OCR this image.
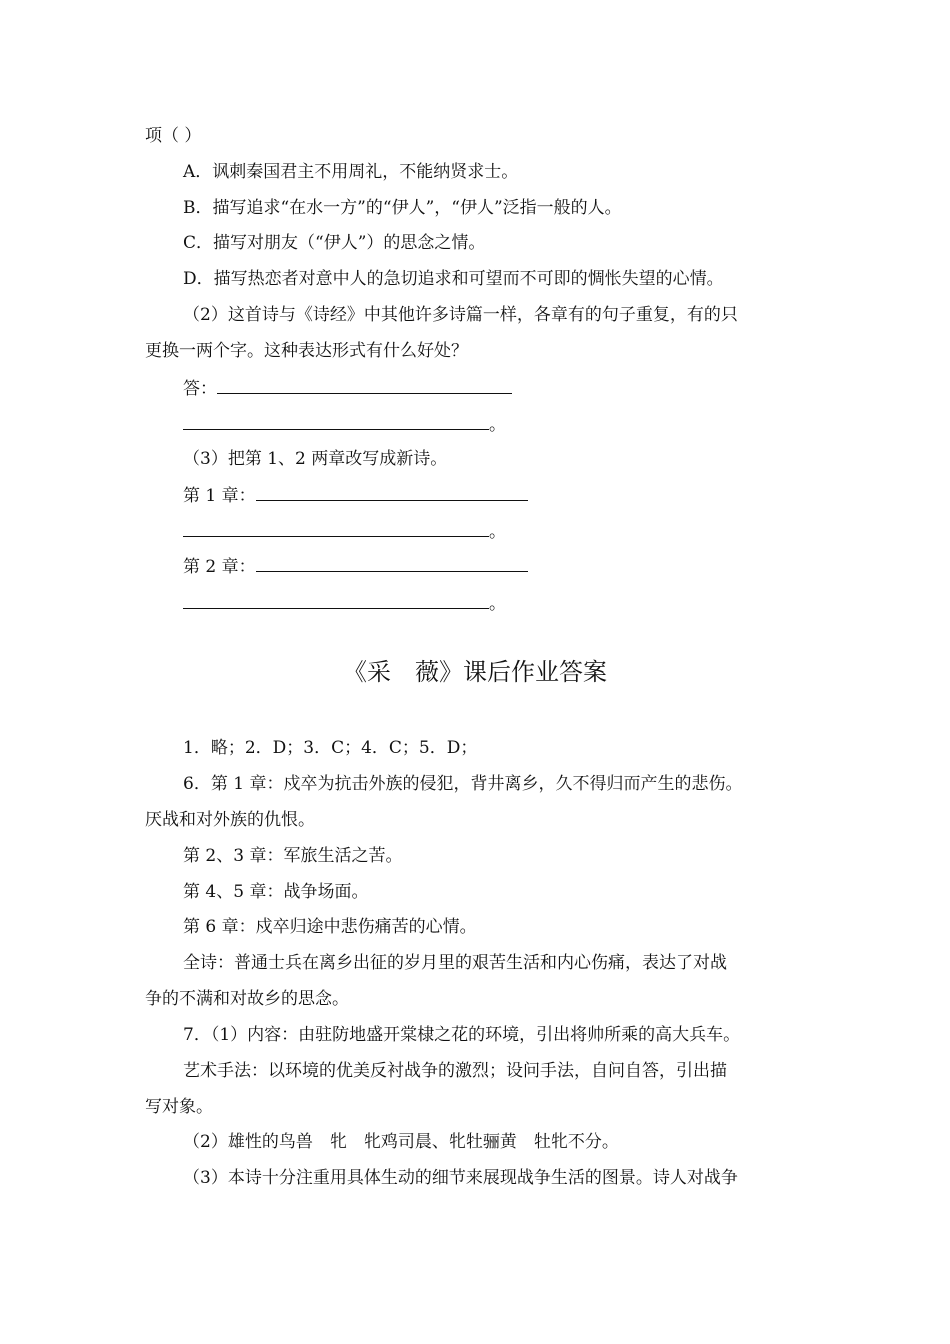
项（ ）
A．讽刺秦国君主不用周礼，不能纳贤求士。
B．描写追求“在水一方”的“伊人”，“伊人”泛指一般的人。
C．描写对朋友（“伊人”）的思念之情。
D．描写热恋者对意中人的急切追求和可望而不可即的惆怅失望的心情。
（2）这首诗与《诗经》中其他许多诗篇一样，各章有的句子重复，有的只
更换一两个字。这种表达形式有什么好处？
答：
。
（3）把第 1、2 两章改写成新诗。
第 1 章：
。
第 2 章：
。
《采　薇》课后作业答案
1．略；2．D；3．C；4．C；5．D；
6．第 1 章：戍卒为抗击外族的侵犯，背井离乡，久不得归而产生的悲伤。
厌战和对外族的仇恨。
第 2、3 章：军旅生活之苦。
第 4、5 章：战争场面。
第 6 章：戍卒归途中悲伤痛苦的心情。
全诗：普通士兵在离乡出征的岁月里的艰苦生活和内心伤痛，表达了对战
争的不满和对故乡的思念。
7．（1）内容：由驻防地盛开棠棣之花的环境，引出将帅所乘的高大兵车。
艺术手法：以环境的优美反衬战争的激烈；设问手法，自问自答，引出描
写对象。
（2）雄性的鸟兽　牝　牝鸡司晨、牝牡骊黄　牡牝不分。
（3）本诗十分注重用具体生动的细节来展现战争生活的图景。诗人对战争
